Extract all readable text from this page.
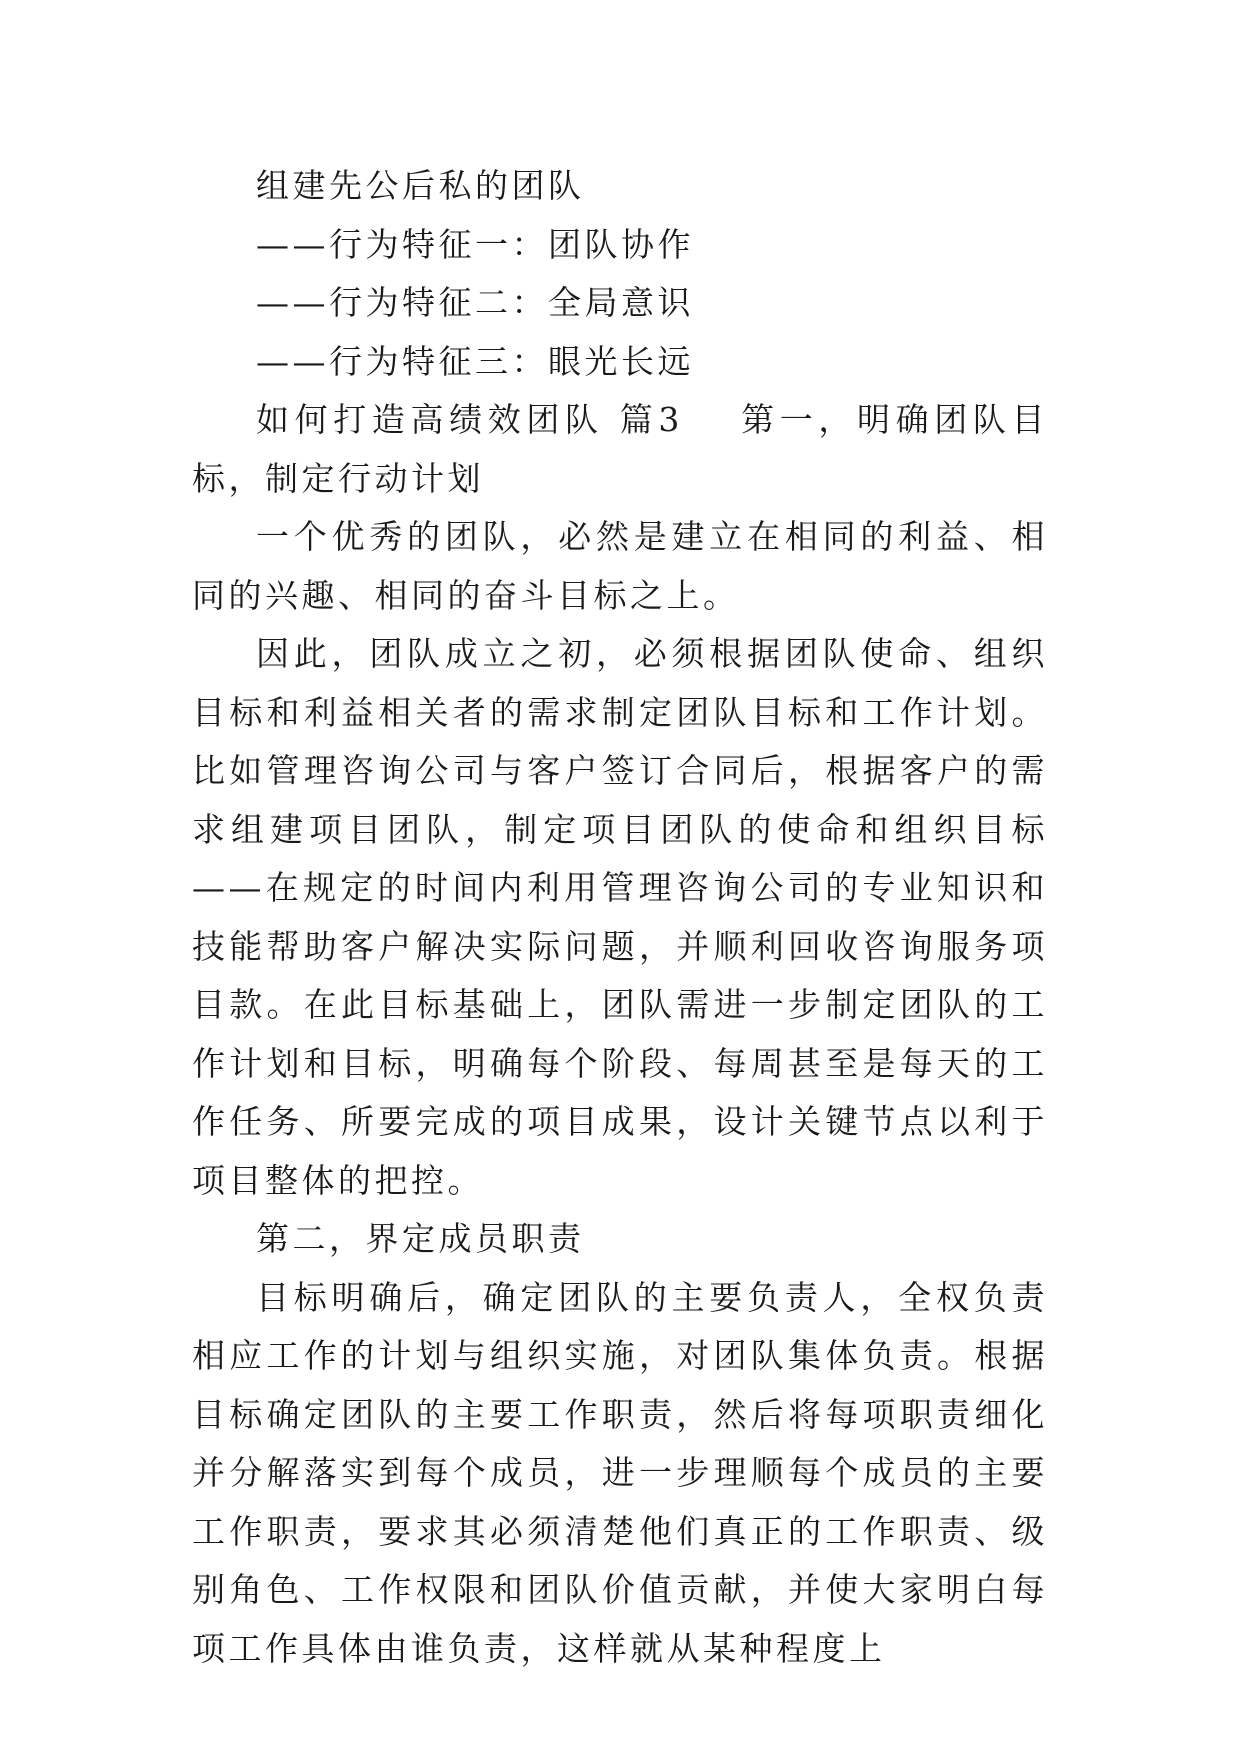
组建先公后私的团队
——行为特征一：团队协作
——行为特征二：全局意识
——行为特征三：眼光长远
如何打造高绩效团队 篇3 第一，明确团队目标，制定行动计划
一个优秀的团队，必然是建立在相同的利益、相同的兴趣、相同的奋斗目标之上。
因此，团队成立之初，必须根据团队使命、组织目标和利益相关者的需求制定团队目标和工作计划。比如管理咨询公司与客户签订合同后，根据客户的需求组建项目团队，制定项目团队的使命和组织目标——在规定的时间内利用管理咨询公司的专业知识和技能帮助客户解决实际问题，并顺利回收咨询服务项目款。在此目标基础上，团队需进一步制定团队的工作计划和目标，明确每个阶段、每周甚至是每天的工作任务、所要完成的项目成果，设计关键节点以利于项目整体的把控。
第二，界定成员职责
目标明确后，确定团队的主要负责人，全权负责相应工作的计划与组织实施，对团队集体负责。根据目标确定团队的主要工作职责，然后将每项职责细化并分解落实到每个成员，进一步理顺每个成员的主要工作职责，要求其必须清楚他们真正的工作职责、级别角色、工作权限和团队价值贡献，并使大家明白每项工作具体由谁负责，这样就从某种程度上
